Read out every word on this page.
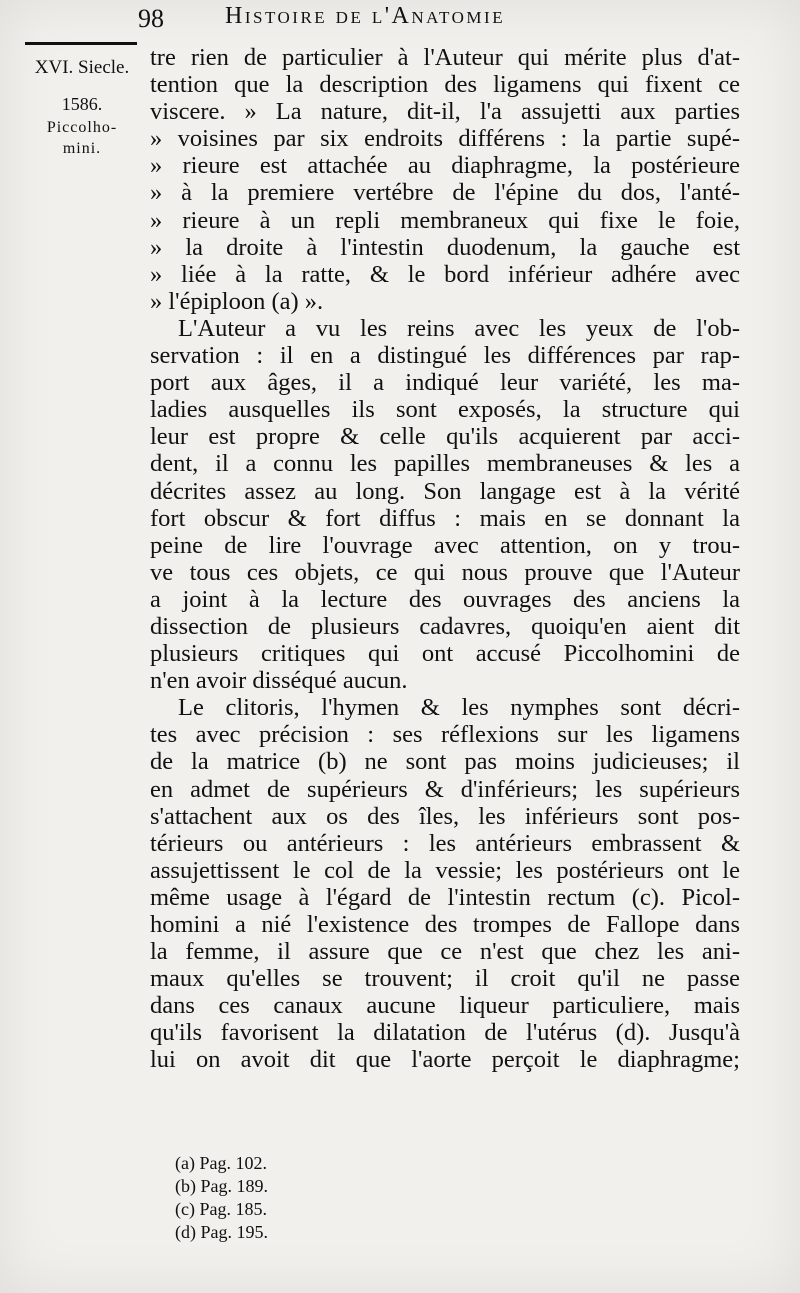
98	Histoire de l'Anatomie
XVI. Siecle.
1586.
Piccolho-
mini.
tre rien de particulier à l'Auteur qui mérite plus d'at-
tention que la description des ligamens qui fixent ce
viscere. » La nature, dit-il, l'a assujetti aux parties
» voisines par six endroits différens : la partie supé-
» rieure est attachée au diaphragme, la postérieure
» à la premiere vertébre de l'épine du dos, l'anté-
» rieure à un repli membraneux qui fixe le foie,
» la droite à l'intestin duodenum, la gauche est
» liée à la ratte, & le bord inférieur adhére avec
» l'épiploon (a) ».
L'Auteur a vu les reins avec les yeux de l'ob-
servation : il en a distingué les différences par rap-
port aux âges, il a indiqué leur variété, les ma-
ladies ausquelles ils sont exposés, la structure qui
leur est propre & celle qu'ils acquierent par acci-
dent, il a connu les papilles membraneuses & les a
décrites assez au long. Son langage est à la vérité
fort obscur & fort diffus : mais en se donnant la
peine de lire l'ouvrage avec attention, on y trou-
ve tous ces objets, ce qui nous prouve que l'Auteur
a joint à la lecture des ouvrages des anciens la
dissection de plusieurs cadavres, quoiqu'en aient dit
plusieurs critiques qui ont accusé Piccolhomini de
n'en avoir disséqué aucun.
Le clitoris, l'hymen & les nymphes sont décri-
tes avec précision : ses réflexions sur les ligamens
de la matrice (b) ne sont pas moins judicieuses; il
en admet de supérieurs & d'inférieurs; les supérieurs
s'attachent aux os des îles, les inférieurs sont pos-
térieurs ou antérieurs : les antérieurs embrassent &
assujettissent le col de la vessie; les postérieurs ont le
même usage à l'égard de l'intestin rectum (c). Picol-
homini a nié l'existence des trompes de Fallope dans
la femme, il assure que ce n'est que chez les ani-
maux qu'elles se trouvent; il croit qu'il ne passe
dans ces canaux aucune liqueur particuliere, mais
qu'ils favorisent la dilatation de l'utérus (d). Jusqu'à
lui on avoit dit que l'aorte perçoit le diaphragme;
(a) Pag. 102.
(b) Pag. 189.
(c) Pag. 185.
(d) Pag. 195.
